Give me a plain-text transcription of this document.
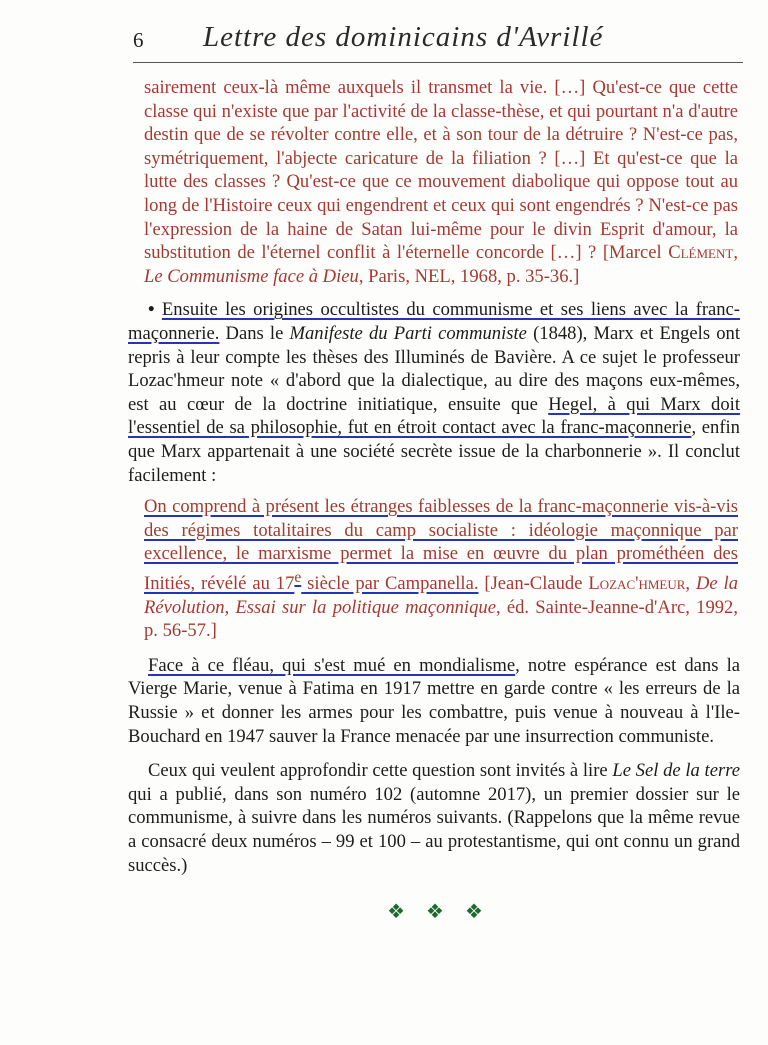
6 Lettre des dominicains d'Avrillé

sairement ceux-là même auxquels il transmet la vie. […] Qu'est-ce que cette classe qui n'existe que par l'activité de la classe-thèse, et qui pourtant n'a d'autre destin que de se révolter contre elle, et à son tour de la détruire ? N'est-ce pas, symétriquement, l'abjecte caricature de la filiation ? […] Et qu'est-ce que la lutte des classes ? Qu'est-ce que ce mouvement diabolique qui oppose tout au long de l'Histoire ceux qui engendrent et ceux qui sont engendrés ? N'est-ce pas l'expression de la haine de Satan lui-même pour le divin Esprit d'amour, la substitution de l'éternel conflit à l'éternelle concorde […] ? [Marcel Clément, Le Communisme face à Dieu, Paris, NEL, 1968, p. 35-36.]

• Ensuite les origines occultistes du communisme et ses liens avec la franc-maçonnerie. Dans le Manifeste du Parti communiste (1848), Marx et Engels ont repris à leur compte les thèses des Illuminés de Bavière. A ce sujet le professeur Lozac'hmeur note « d'abord que la dialectique, au dire des maçons eux-mêmes, est au cœur de la doctrine initiatique, ensuite que Hegel, à qui Marx doit l'essentiel de sa philosophie, fut en étroit contact avec la franc-maçonnerie, enfin que Marx appartenait à une société secrète issue de la charbonnerie ». Il conclut facilement :

On comprend à présent les étranges faiblesses de la franc-maçonnerie vis-à-vis des régimes totalitaires du camp socialiste : idéologie maçonnique par excellence, le marxisme permet la mise en œuvre du plan prométhéen des Initiés, révélé au 17e siècle par Campanella. [Jean-Claude Lozac'hmeur, De la Révolution, Essai sur la politique maçonnique, éd. Sainte-Jeanne-d'Arc, 1992, p. 56-57.]

Face à ce fléau, qui s'est mué en mondialisme, notre espérance est dans la Vierge Marie, venue à Fatima en 1917 mettre en garde contre « les erreurs de la Russie » et donner les armes pour les combattre, puis venue à nouveau à l'Ile-Bouchard en 1947 sauver la France menacée par une insurrection communiste.

Ceux qui veulent approfondir cette question sont invités à lire Le Sel de la terre qui a publié, dans son numéro 102 (automne 2017), un premier dossier sur le communisme, à suivre dans les numéros suivants. (Rappelons que la même revue a consacré deux numéros – 99 et 100 – au protestantisme, qui ont connu un grand succès.)

❖ ❖ ❖
